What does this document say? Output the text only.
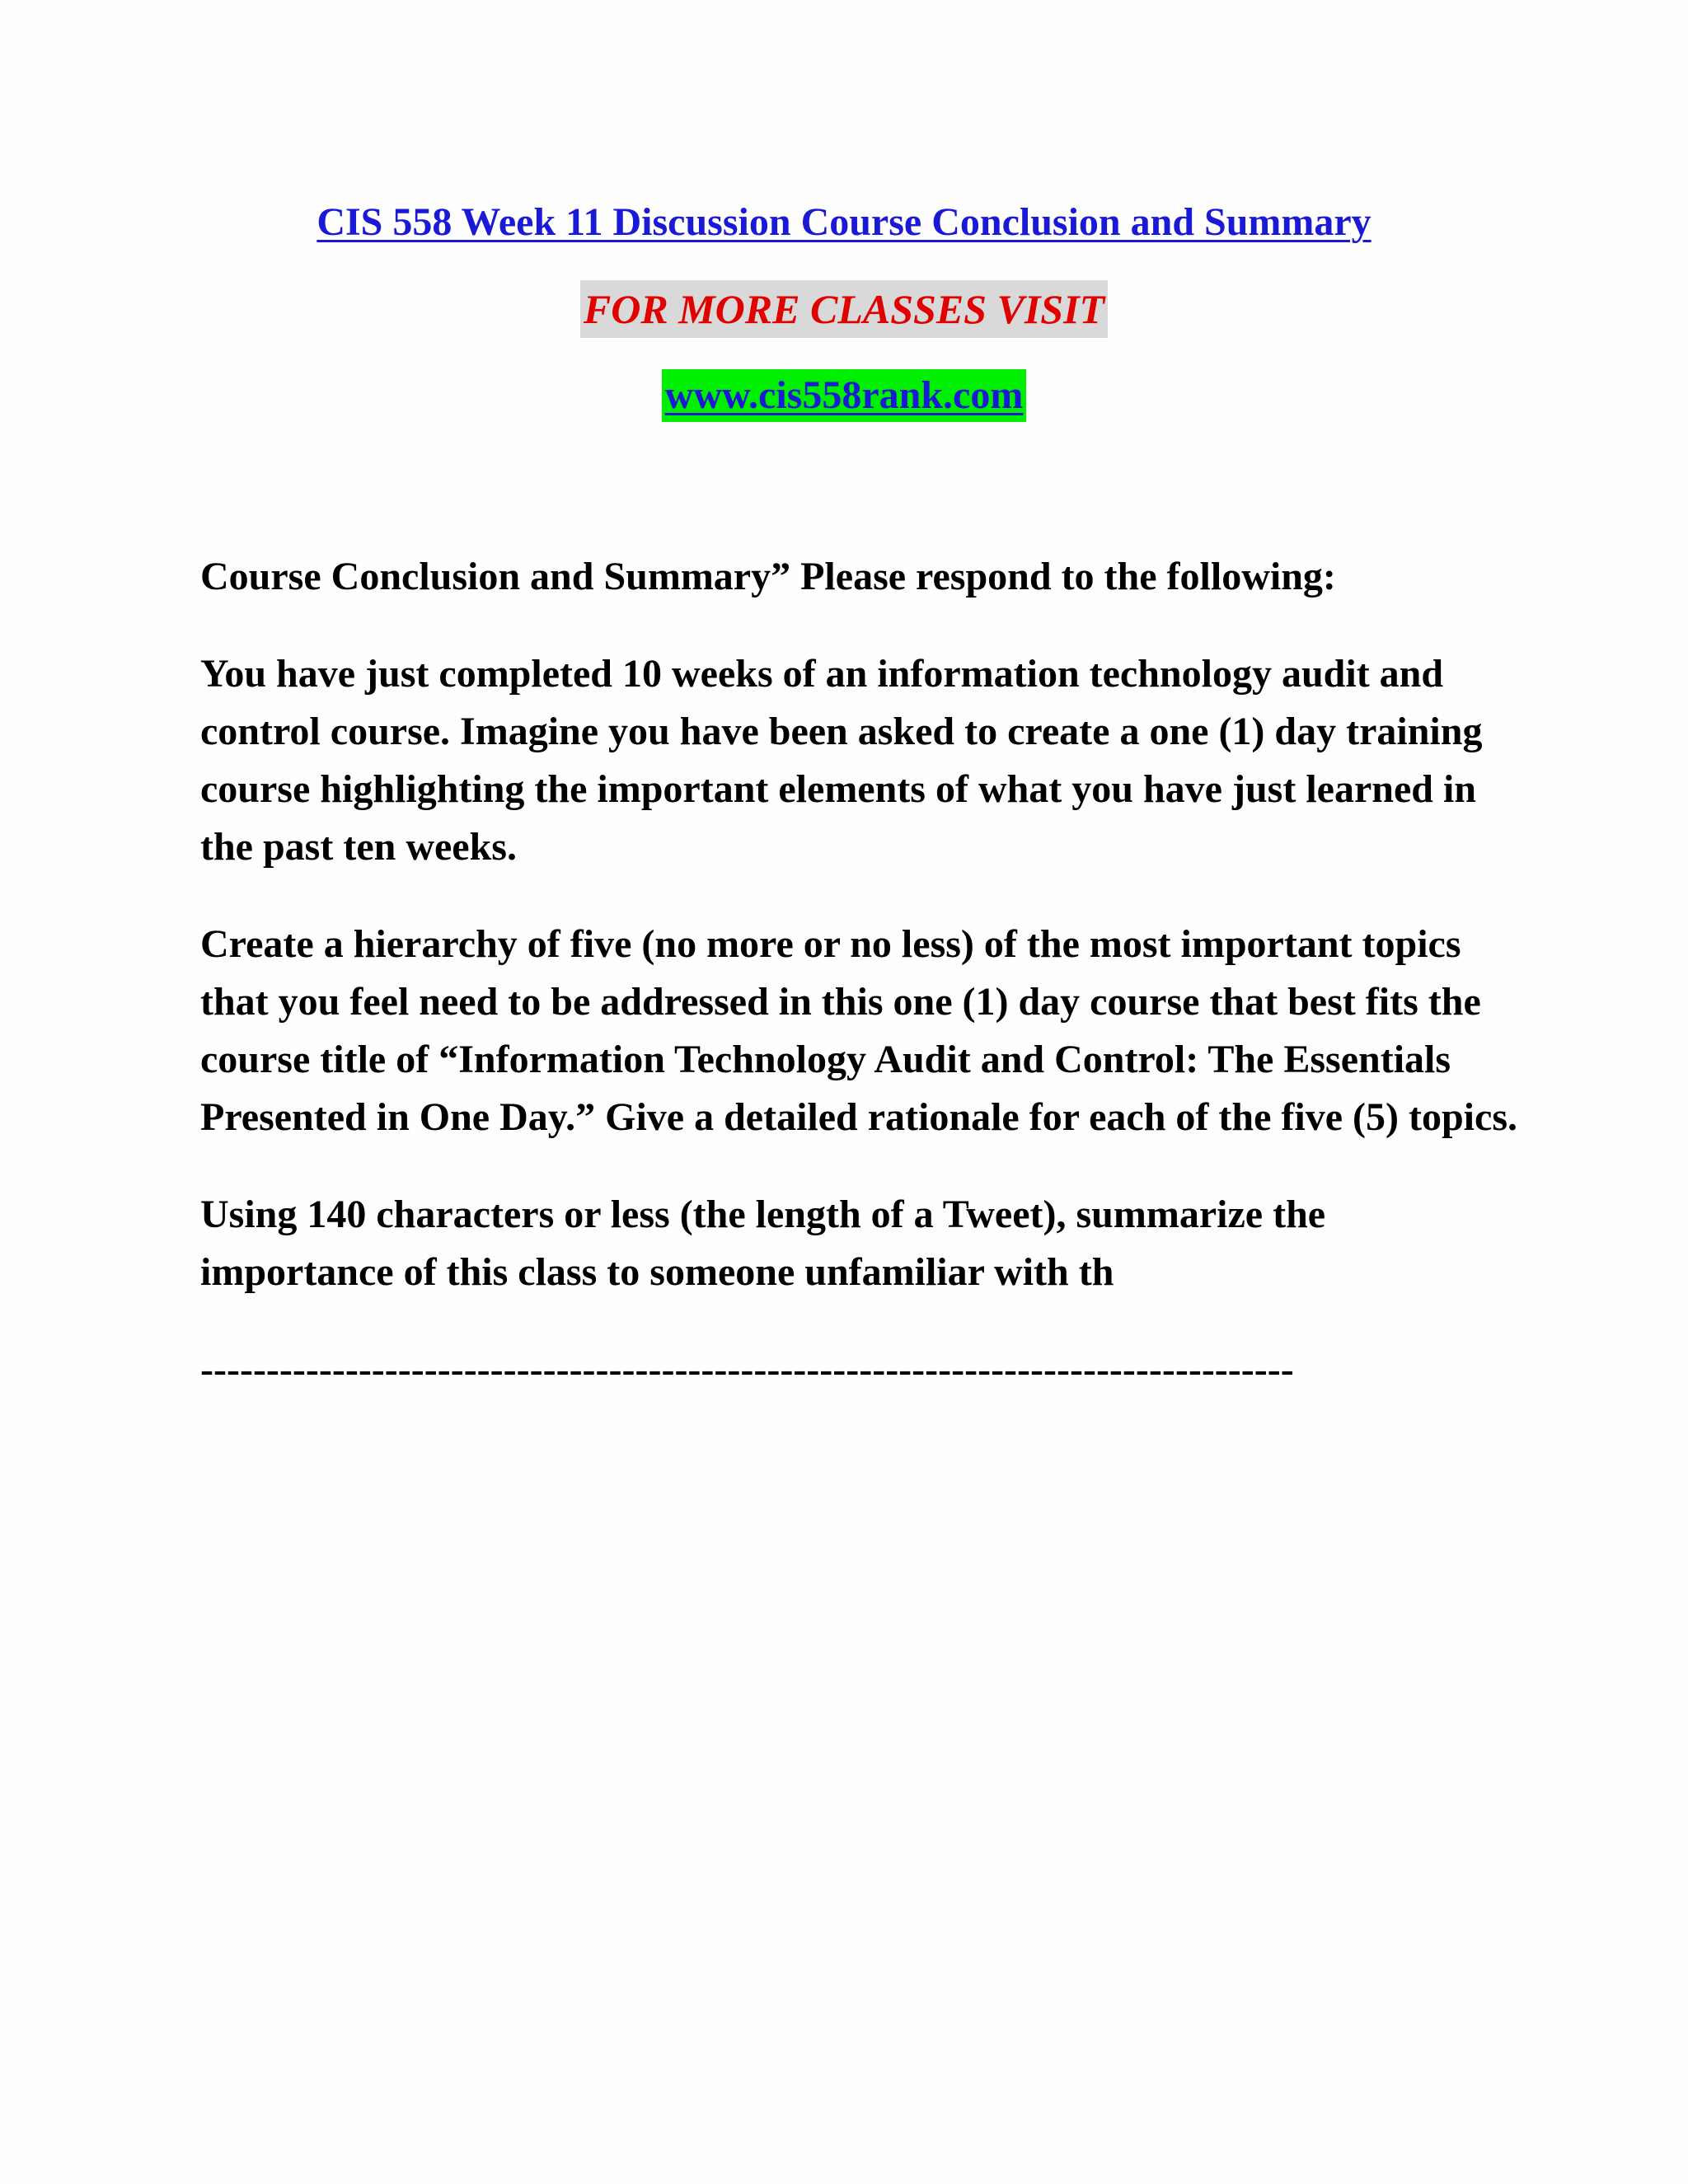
CIS 558 Week 11 Discussion Course Conclusion and Summary
FOR MORE CLASSES VISIT
www.cis558rank.com

Course Conclusion and Summary” Please respond to the following:

You have just completed 10 weeks of an information technology audit and control course. Imagine you have been asked to create a one (1) day training course highlighting the important elements of what you have just learned in the past ten weeks.

Create a hierarchy of five (no more or no less) of the most important topics that you feel need to be addressed in this one (1) day course that best fits the course title of “Information Technology Audit and Control: The Essentials Presented in One Day.” Give a detailed rationale for each of the five (5) topics.

Using 140 characters or less (the length of a Tweet), summarize the importance of this class to someone unfamiliar with th

-----------------------------------------------------------------------------------
